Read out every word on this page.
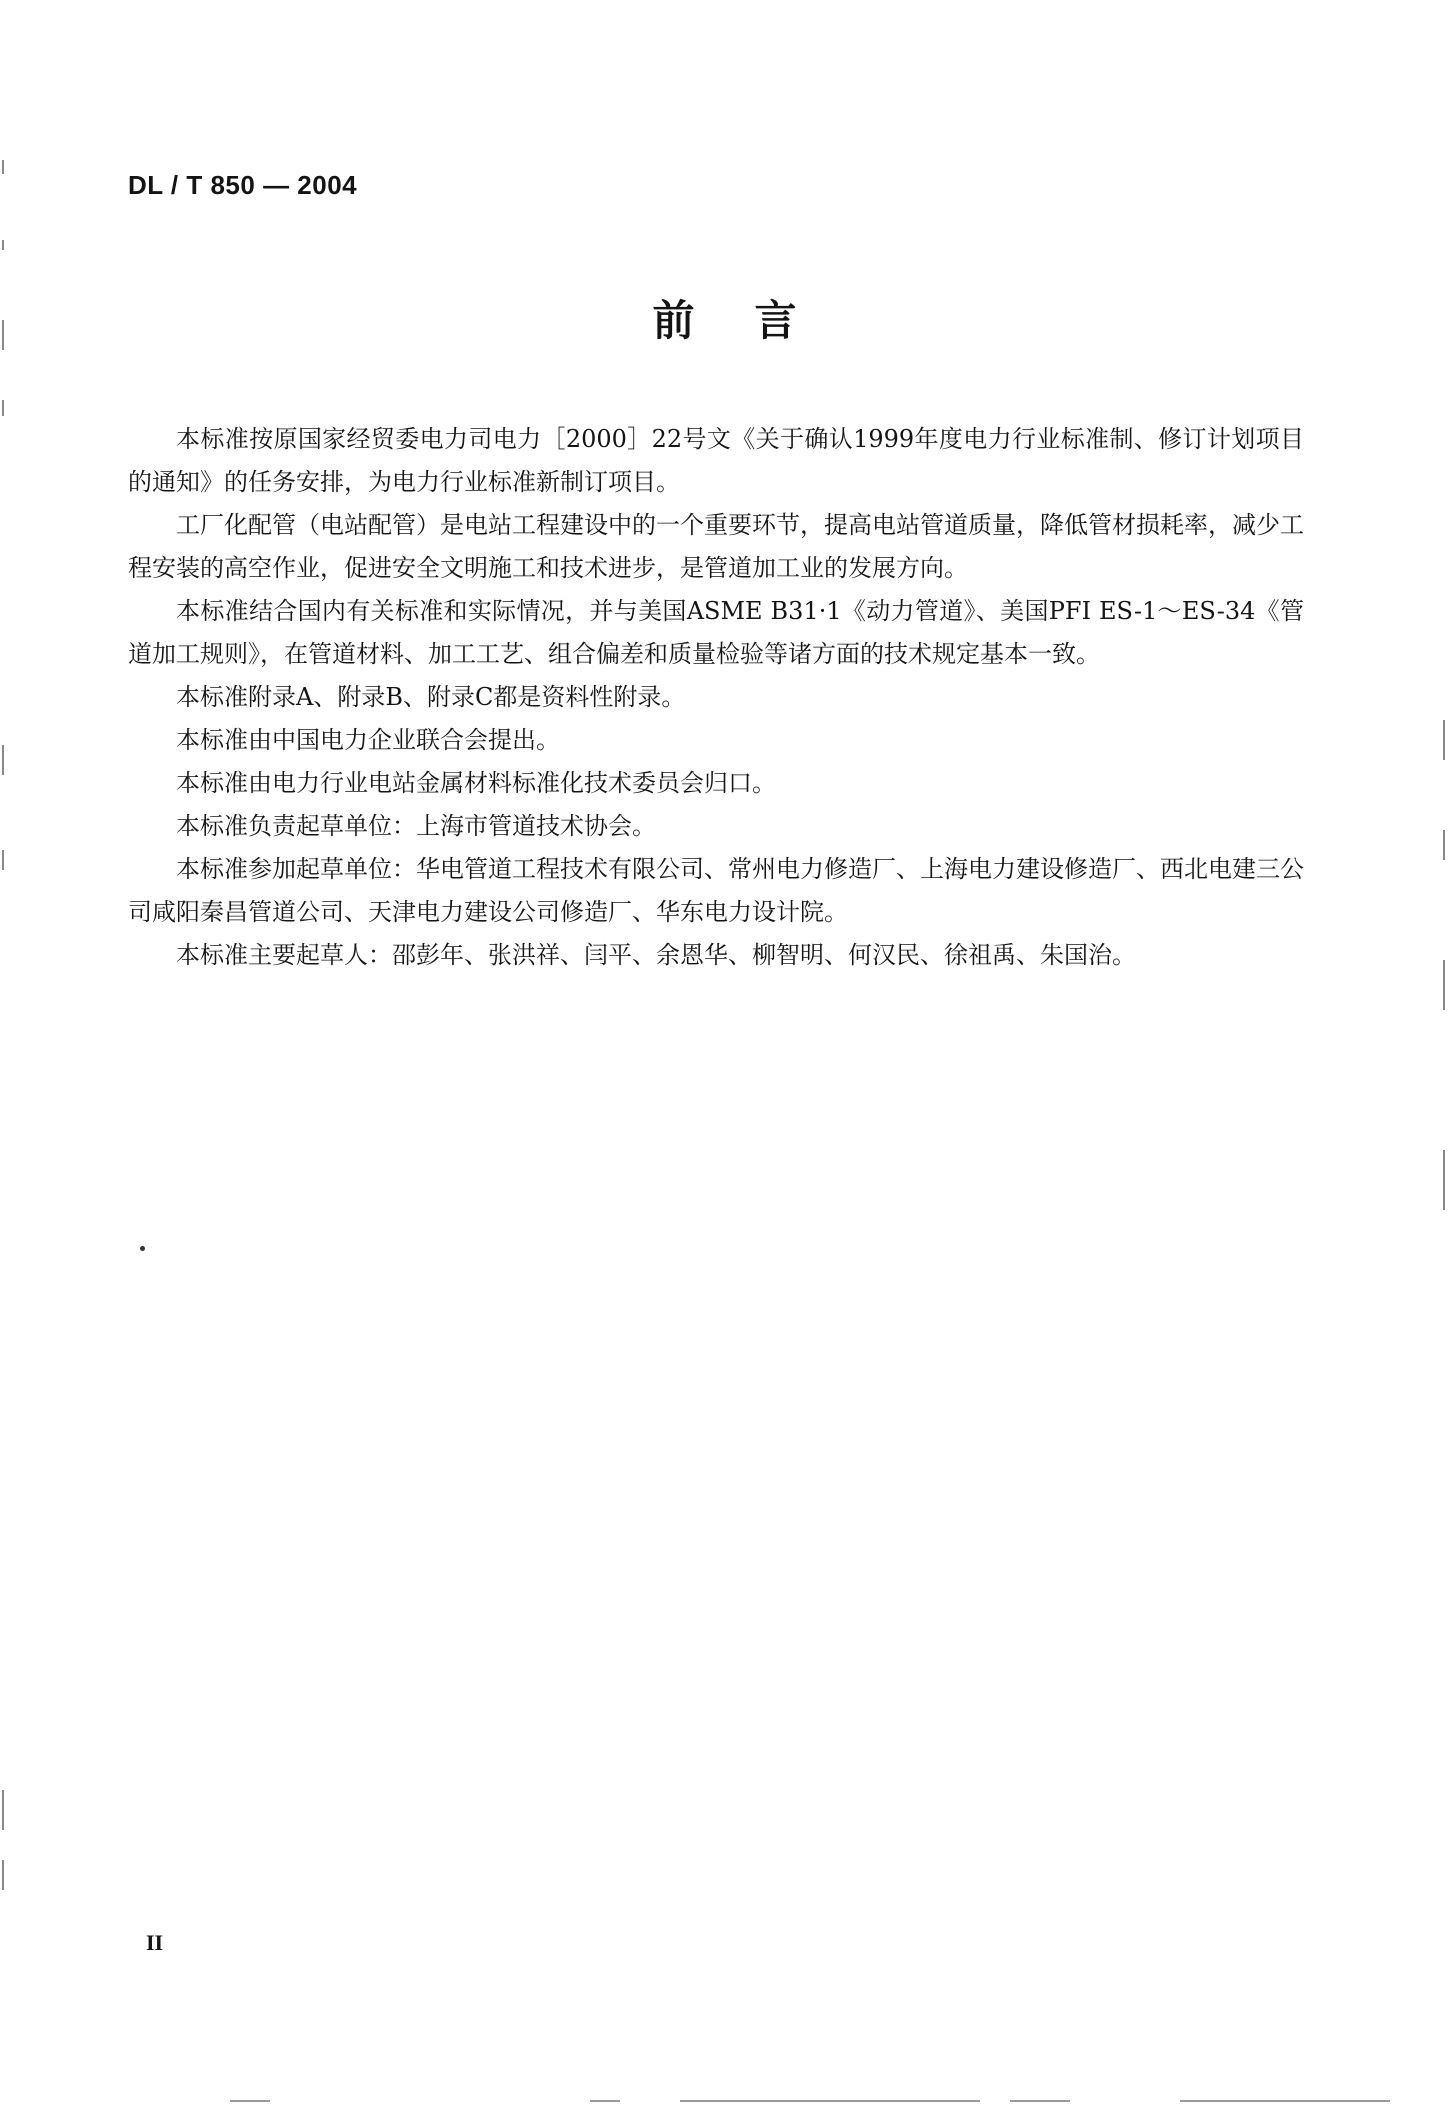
DL / T 850 — 2004
前言

本标准按原国家经贸委电力司电力［2000］22号文《关于确认1999年度电力行业标准制、修订计划项目的通知》的任务安排，为电力行业标准新制订项目。

工厂化配管（电站配管）是电站工程建设中的一个重要环节，提高电站管道质量，降低管材损耗率，减少工程安装的高空作业，促进安全文明施工和技术进步，是管道加工业的发展方向。

本标准结合国内有关标准和实际情况，并与美国ASME B31·1《动力管道》、美国PFI ES-1～ES-34《管道加工规则》，在管道材料、加工工艺、组合偏差和质量检验等诸方面的技术规定基本一致。

本标准附录A、附录B、附录C都是资料性附录。

本标准由中国电力企业联合会提出。

本标准由电力行业电站金属材料标准化技术委员会归口。

本标准负责起草单位：上海市管道技术协会。

本标准参加起草单位：华电管道工程技术有限公司、常州电力修造厂、上海电力建设修造厂、西北电建三公司咸阳秦昌管道公司、天津电力建设公司修造厂、华东电力设计院。

本标准主要起草人：邵彭年、张洪祥、闫平、余恩华、柳智明、何汉民、徐祖禹、朱国治。

II
